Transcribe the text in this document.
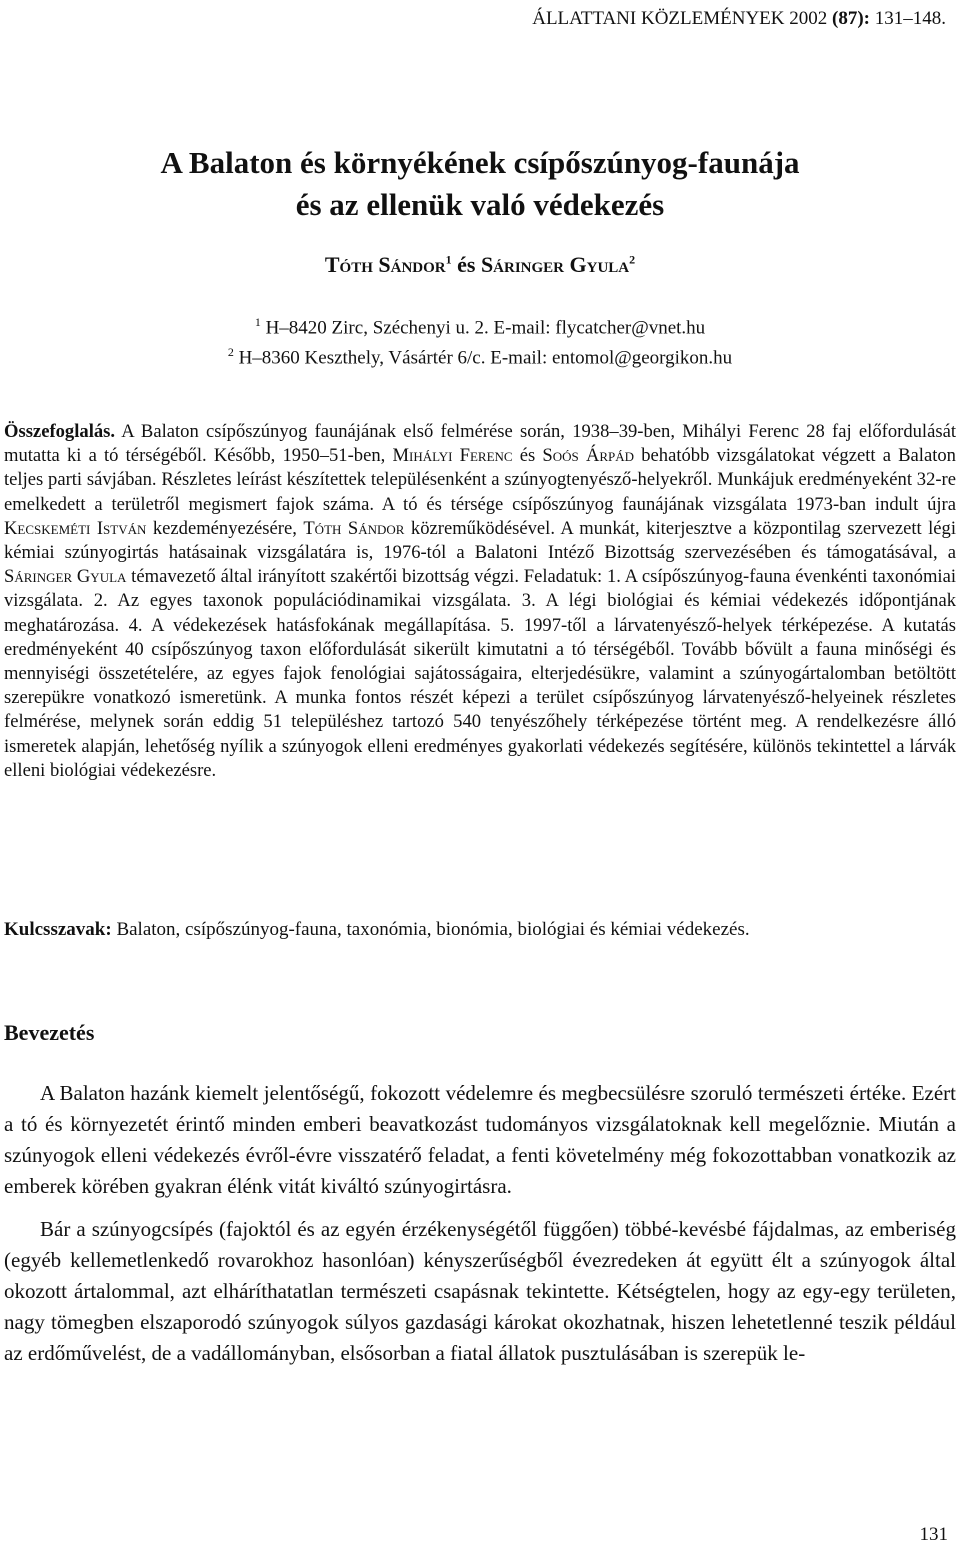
ÁLLATTANI KÖZLEMÉNYEK 2002 (87): 131–148.
A Balaton és környékének csípőszúnyog-faunája
és az ellenük való védekezés
Tóth Sándor$^1$ és Sáringer Gyula$^2$
$^1$ H–8420 Zirc, Széchenyi u. 2. E-mail: flycatcher@vnet.hu
$^2$ H–8360 Keszthely, Vásártér 6/c. E-mail: entomol@georgikon.hu
Összefoglalás. A Balaton csípőszúnyog faunájának első felmérése során, 1938–39-ben, Mihályi Ferenc 28 faj előfordulását mutatta ki a tó térségéből. Később, 1950–51-ben, Mihályi Ferenc és Soós Árpád behatóbb vizsgálatokat végzett a Balaton teljes parti sávjában. Részletes leírást készítettek településenként a szúnyogtenyésző-helyekről. Munkájuk eredményeként 32-re emelkedett a területről megismert fajok száma. A tó és térsége csípőszúnyog faunájának vizsgálata 1973-ban indult újra Kecskeméti István kezdeményezésére, Tóth Sándor közreműködésével. A munkát, kiterjesztve a központilag szervezett légi kémiai szúnyogirtás hatásainak vizsgálatára is, 1976-tól a Balatoni Intéző Bizottság szervezésében és támogatásával, a Sáringer Gyula témavezető által irányított szakértői bizottság végzi. Feladatuk: 1. A csípőszúnyog-fauna évenkénti taxonómiai vizsgálata. 2. Az egyes taxonok populációdinamikai vizsgálata. 3. A légi biológiai és kémiai védekezés időpontjának meghatározása. 4. A védekezések hatásfokának megállapítása. 5. 1997-től a lárvatenyésző-helyek térképezése. A kutatás eredményeként 40 csípőszúnyog taxon előfordulását sikerült kimutatni a tó térségéből. Tovább bővült a fauna minőségi és mennyiségi összetételére, az egyes fajok fenológiai sajátosságaira, elterjedésükre, valamint a szúnyogártalomban betöltött szerepükre vonatkozó ismeretünk. A munka fontos részét képezi a terület csípőszúnyog lárvatenyésző-helyeinek részletes felmérése, melynek során eddig 51 településhez tartozó 540 tenyészőhely térképezése történt meg. A rendelkezésre álló ismeretek alapján, lehetőség nyílik a szúnyogok elleni eredményes gyakorlati védekezés segítésére, különös tekintettel a lárvák elleni biológiai védekezésre.
Kulcsszavak: Balaton, csípőszúnyog-fauna, taxonómia, bionómia, biológiai és kémiai védekezés.
Bevezetés

A Balaton hazánk kiemelt jelentőségű, fokozott védelemre és megbecsülésre szoruló természeti értéke. Ezért a tó és környezetét érintő minden emberi beavatkozást tudományos vizsgálatoknak kell megelőznie. Miután a szúnyogok elleni védekezés évről-évre visszatérő feladat, a fenti követelmény még fokozottabban vonatkozik az emberek körében gyakran élénk vitát kiváltó szúnyogirtásra.

Bár a szúnyogcsípés (fajoktól és az egyén érzékenységétől függően) többé-kevésbé fájdalmas, az emberiség (egyéb kellemetlenkedő rovarokhoz hasonlóan) kényszerűségből évezredeken át együtt élt a szúnyogok által okozott ártalommal, azt elháríthatatlan természeti csapásnak tekintette. Kétségtelen, hogy az egy-egy területen, nagy tömegben elszaporodó szúnyogok súlyos gazdasági károkat okozhatnak, hiszen lehetetlenné teszik például az erdőművelést, de a vadállományban, elsősorban a fiatal állatok pusztulásában is szerepük le-

131
